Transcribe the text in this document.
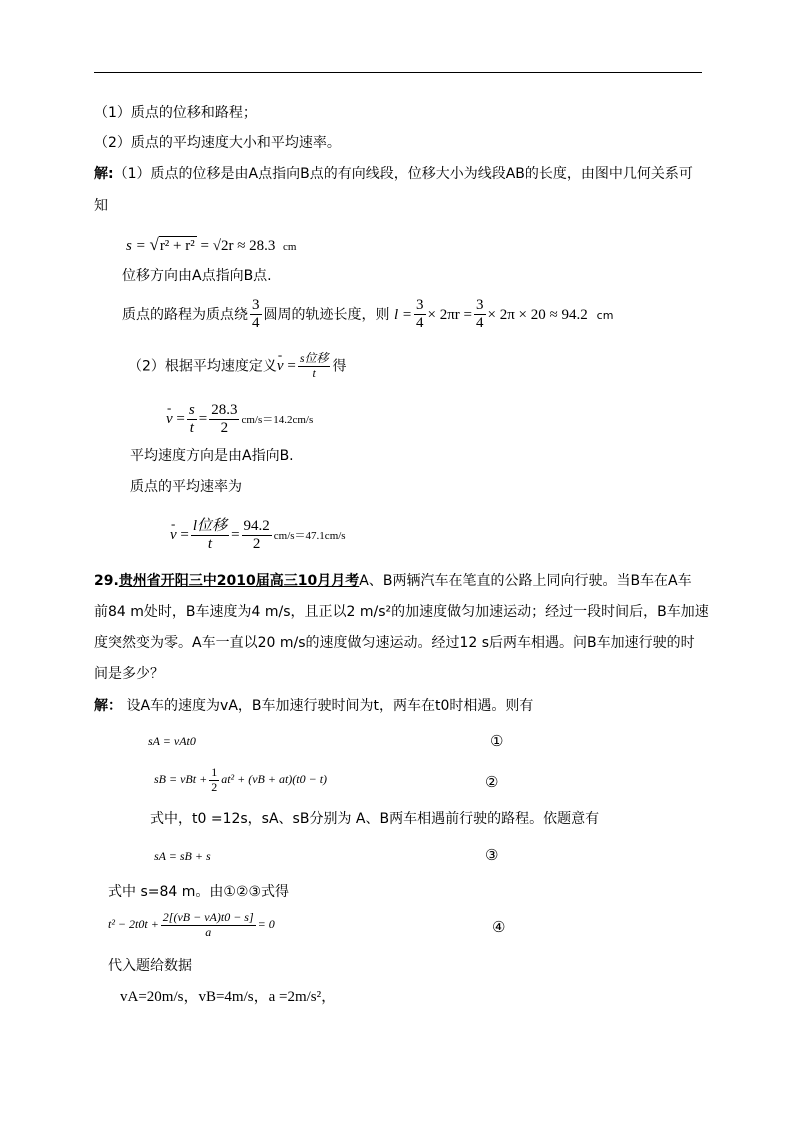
（1）质点的位移和路程；
（2）质点的平均速度大小和平均速率。
解:（1）质点的位移是由A点指向B点的有向线段，位移大小为线段AB的长度，由图中几何关系可
知
s = √r² + r² = √2r ≈ 28.3 cm
位移方向由A点指向B点.
质点的路程为质点绕 $\frac{3}{4}$ 圆周的轨迹长度，则 $l = \frac{3}{4} \times 2\pi r = \frac{3}{4} \times 2\pi \times 20 \approx 94.2$ cm
（2）根据平均速度定义- $v = \frac{\text{s位移}}{t}$ 得
- $v = \frac{s}{t} = \frac{28.3}{2} cm/s=14.2cm/s$
平均速度方向是由A指向B.
质点的平均速率为
- $v = \frac{\text{l位移}}{t} = \frac{94.2}{2} cm/s=47.1cm/s$
29.贵州省开阳三中2010届高三10月月考A、B两辆汽车在笔直的公路上同向行驶。当B车在A车
前84 m处时，B车速度为4 m/s，且正以2 m/s²的加速度做匀加速运动；经过一段时间后，B车加速
度突然变为零。A车一直以20 m/s的速度做匀速运动。经过12 s后两车相遇。问B车加速行驶的时
间是多少？
解： 设A车的速度为vA，B车加速行驶时间为t，两车在t0时相遇。则有
sA = vAt0	①
sB = vBt + $\frac{1}{2} at^2 + (vB + at)(t0 - t)$	②
式中，t0 =12s，sA、sB分别为 A、B两车相遇前行驶的路程。依题意有
sA = sB + s	③
式中 s=84 m。由①②③式得
$t^2 - 2t0t + \frac{2[(vB - vA)t0 - s]}{a} = 0$	④
代入题给数据
vA=20m/s，vB=4m/s，a =2m/s²，
